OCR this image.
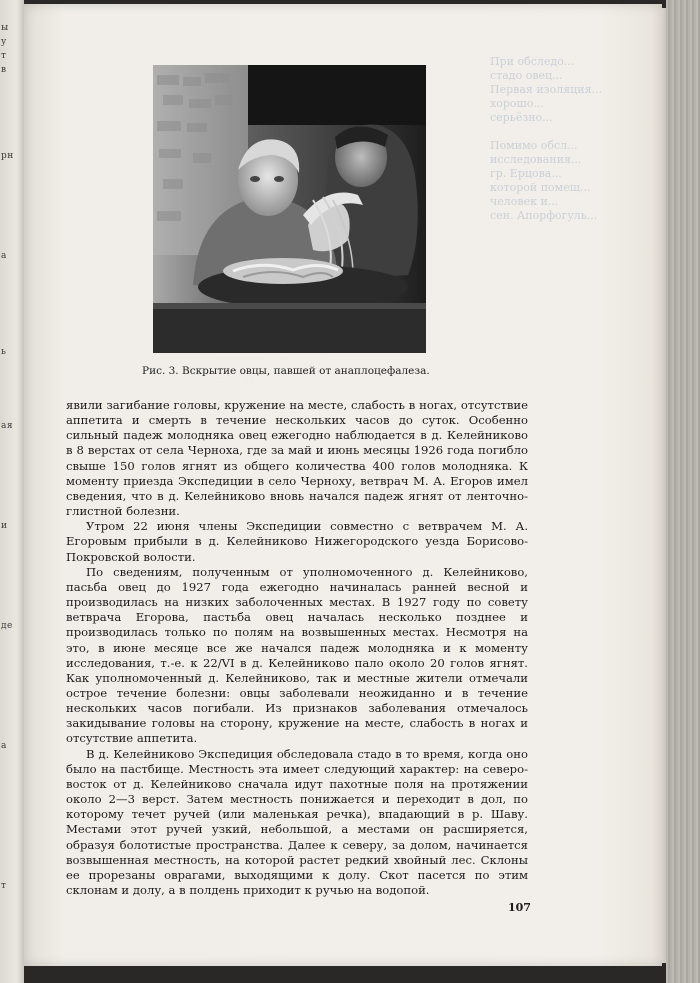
ы
у
т
в
рн
а
ь
ая
и
де
а
т
При обследо...
стадо овец...
Первая изоляция...
хорошо...
серьёзно...
Помимо обсл...
исследования...
гр. Ерцова...
которой помещ...
человек и...
сен. Апорфогуль...
Рис. 3. Вскрытие овцы, павшей от анаплоцефалеза.

явили загибание головы, кружение на месте, слабость в ногах, отсутствие аппетита и смерть в течение нескольких часов до суток. Особенно сильный падеж молодняка овец ежегодно наблюдается в д. Келейниково в 8 верстах от села Черноха, где за май и июнь месяцы 1926 года погибло свыше 150 голов ягнят из общего количества 400 голов молодняка. К моменту приезда Экспедиции в село Черноху, ветврач М. А. Егоров имел сведения, что в д. Келейниково вновь начался падеж ягнят от ленточно-глистной болезни.

Утром 22 июня члены Экспедиции совместно с ветврачем М. А. Егоровым прибыли в д. Келейниково Нижегородского уезда Борисово-Покровской волости.

По сведениям, полученным от уполномоченного д. Келейниково, пасьба овец до 1927 года ежегодно начиналась ранней весной и производилась на низких заболоченных местах. В 1927 году по совету ветврача Егорова, пастьба овец началась несколько позднее и производилась только по полям на возвышенных местах. Несмотря на это, в июне месяце все же начался падеж молодняка и к моменту исследования, т.-е. к 22/VI в д. Келейниково пало около 20 голов ягнят. Как уполномоченный д. Келейниково, так и местные жители отмечали острое течение болезни: овцы заболевали неожиданно и в течение нескольких часов погибали. Из признаков заболевания отмечалось закидывание головы на сторону, кружение на месте, слабость в ногах и отсутствие аппетита.

В д. Келейниково Экспедиция обследовала стадо в то время, когда оно было на пастбище. Местность эта имеет следующий характер: на северо-восток от д. Келейниково сначала идут пахотные поля на протяжении около 2—3 верст. Затем местность понижается и переходит в дол, по которому течет ручей (или маленькая речка), впадающий в р. Шаву. Местами этот ручей узкий, небольшой, а местами он расширяется, образуя болотистые пространства. Далее к северу, за долом, начинается возвышенная местность, на которой растет редкий хвойный лес. Склоны ее прорезаны оврагами, выходящими к долу. Скот пасется по этим склонам и долу, а в полдень приходит к ручью на водопой.

107
